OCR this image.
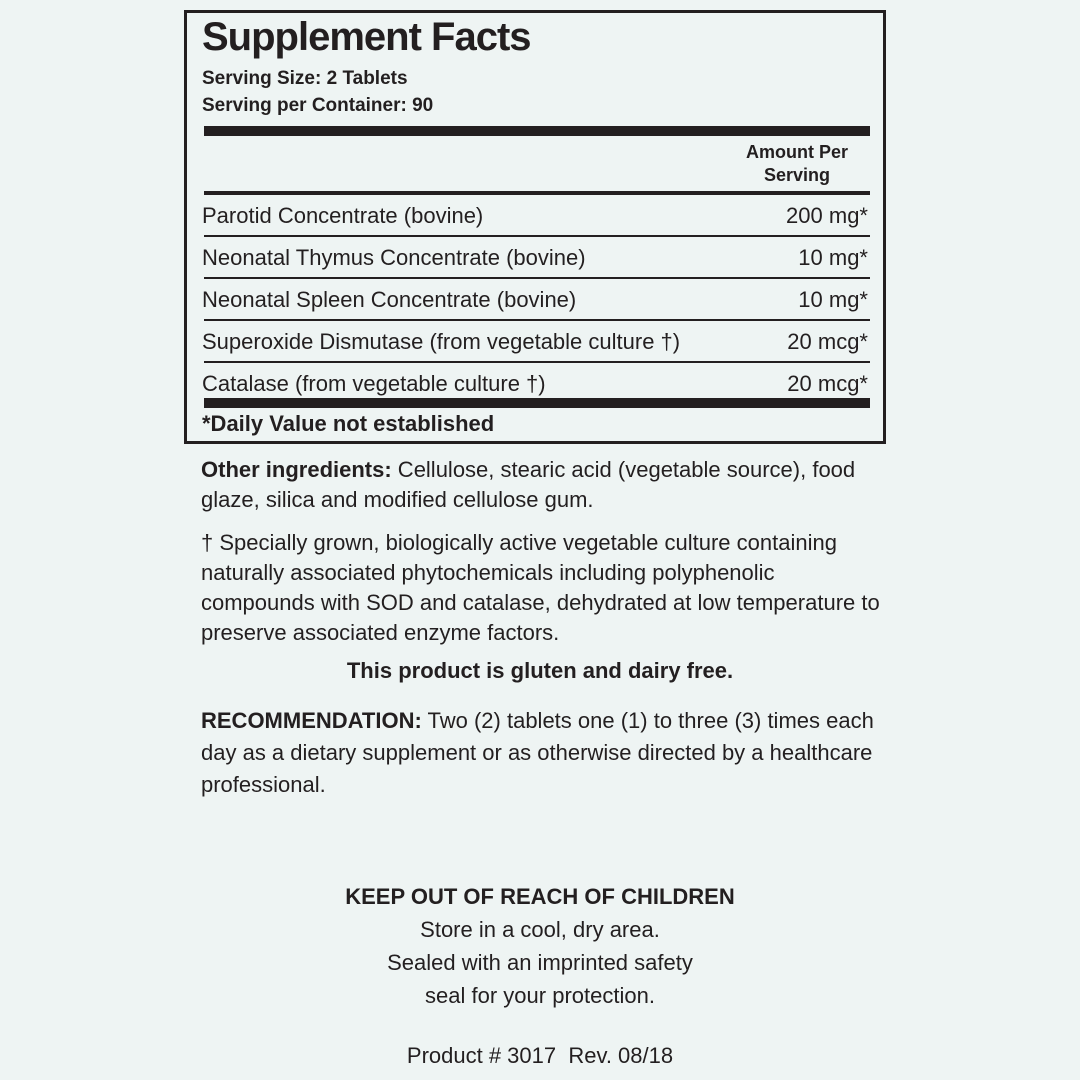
Supplement Facts
Serving Size: 2 Tablets
Serving per Container: 90
Amount Per
Serving
Parotid Concentrate (bovine)	200 mg*
Neonatal Thymus Concentrate (bovine)	10 mg*
Neonatal Spleen Concentrate (bovine)	10 mg*
Superoxide Dismutase (from vegetable culture †)	20 mcg*
Catalase (from vegetable culture †)	20 mcg*
*Daily Value not established
Other ingredients: Cellulose, stearic acid (vegetable source), food glaze, silica and modified cellulose gum.
† Specially grown, biologically active vegetable culture containing naturally associated phytochemicals including polyphenolic compounds with SOD and catalase, dehydrated at low temperature to preserve associated enzyme factors.
This product is gluten and dairy free.
RECOMMENDATION: Two (2) tablets one (1) to three (3) times each day as a dietary supplement or as otherwise directed by a healthcare professional.
KEEP OUT OF REACH OF CHILDREN
Store in a cool, dry area.
Sealed with an imprinted safety
seal for your protection.
Product # 3017  Rev. 08/18
